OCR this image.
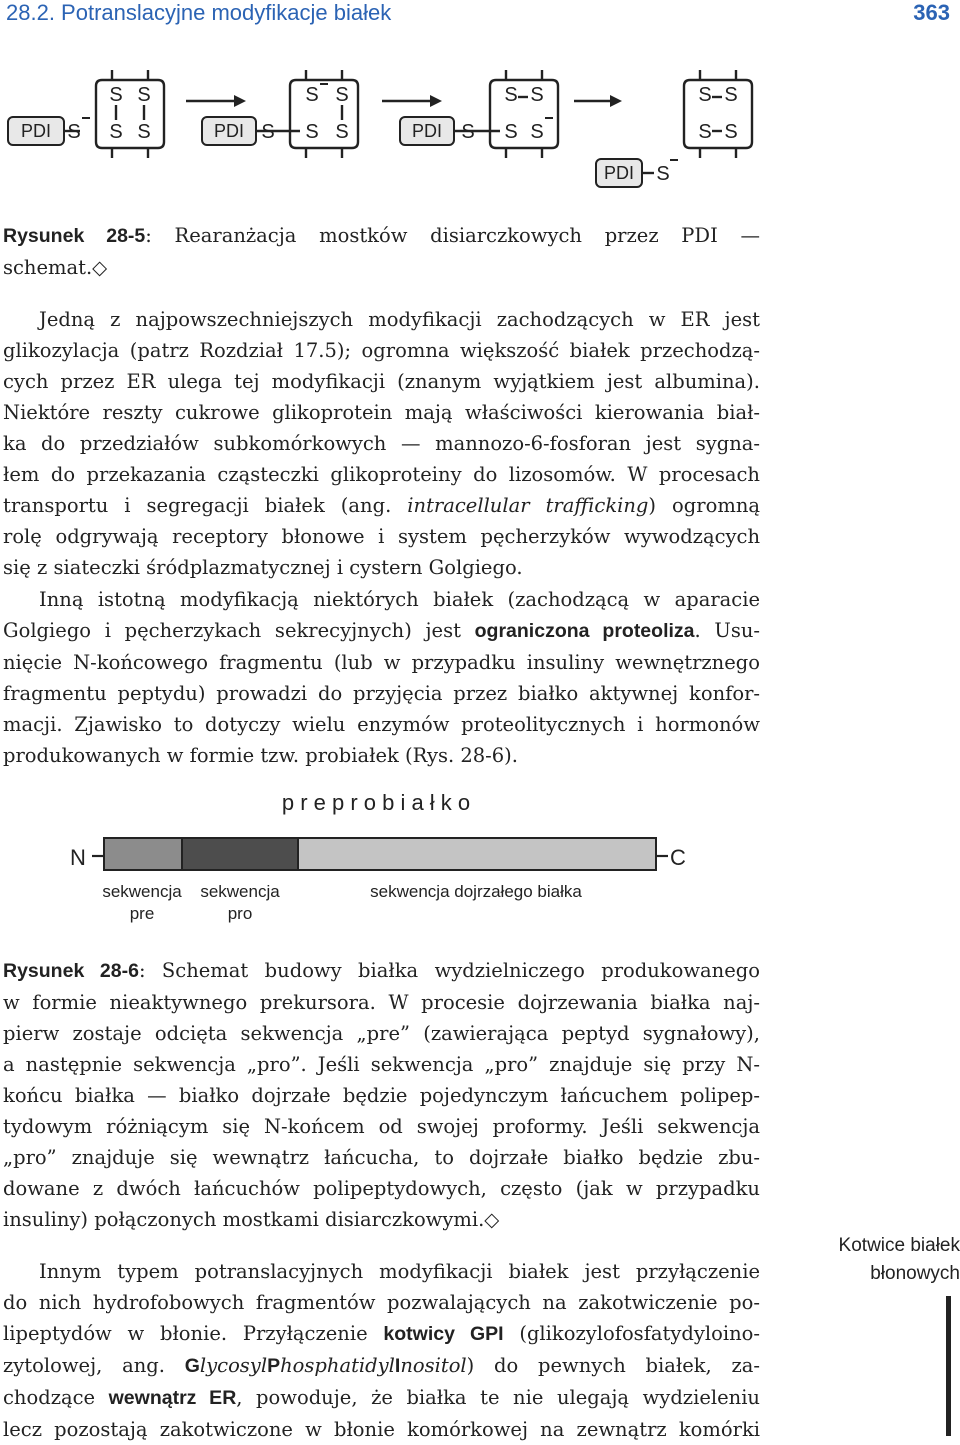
28.2. Potranslacyjne modyfikacje białek	363
PDI	PDI	PDI
PDI
S
S S
S S	S
S S
S S	S
S S
S S
S S
S S
S
Rysunek 28-5: Rearanżacja mostków disiarczkowych przez PDI —
schemat.◇
Jedną z najpowszechniejszych modyfikacji zachodzących w ER jest
glikozylacja (patrz Rozdział 17.5); ogromna większość białek przechodzą-
cych przez ER ulega tej modyfikacji (znanym wyjątkiem jest albumina).
Niektóre reszty cukrowe glikoprotein mają właściwości kierowania biał-
ka do przedziałów subkomórkowych — mannozo-6-fosforan jest sygna-
łem do przekazania cząsteczki glikoproteiny do lizosomów. W procesach
transportu i segregacji białek (ang. intracellular trafficking) ogromną
rolę odgrywają receptory błonowe i system pęcherzyków wywodzących
się z siateczki śródplazmatycznej i cystern Golgiego.
Inną istotną modyfikacją niektórych białek (zachodzącą w aparacie
Golgiego i pęcherzykach sekrecyjnych) jest ograniczona proteoliza. Usu-
nięcie N-końcowego fragmentu (lub w przypadku insuliny wewnętrznego
fragmentu peptydu) prowadzi do przyjęcia przez białko aktywnej konfor-
macji. Zjawisko to dotyczy wielu enzymów proteolitycznych i hormonów
produkowanych w formie tzw. probiałek (Rys. 28-6).
p r e p r o b i a ł k o
N	C
sekwencja
pre
sekwencja
pro
sekwencja dojrzałego białka
Rysunek 28-6: Schemat budowy białka wydzielniczego produkowanego
w formie nieaktywnego prekursora. W procesie dojrzewania białka naj-
pierw zostaje odcięta sekwencja „pre” (zawierająca peptyd sygnałowy),
a następnie sekwencja „pro”. Jeśli sekwencja „pro” znajduje się przy N-
końcu białka — białko dojrzałe będzie pojedynczym łańcuchem polipep-
tydowym różniącym się N-końcem od swojej proformy. Jeśli sekwencja
„pro” znajduje się wewnątrz łańcucha, to dojrzałe białko będzie zbu-
dowane z dwóch łańcuchów polipeptydowych, często (jak w przypadku
insuliny) połączonych mostkami disiarczkowymi.◇
Kotwice białek
błonowych
Innym typem potranslacyjnych modyfikacji białek jest przyłączenie
do nich hydrofobowych fragmentów pozwalających na zakotwiczenie po-
lipeptydów w błonie. Przyłączenie kotwicy GPI (glikozylofosfatydyloino-
zytolowej, ang. GlycosylPhosphatidylInositol) do pewnych białek, za-
chodzące wewnątrz ER, powoduje, że białka te nie ulegają wydzieleniu
lecz pozostają zakotwiczone w błonie komórkowej na zewnątrz komórki
